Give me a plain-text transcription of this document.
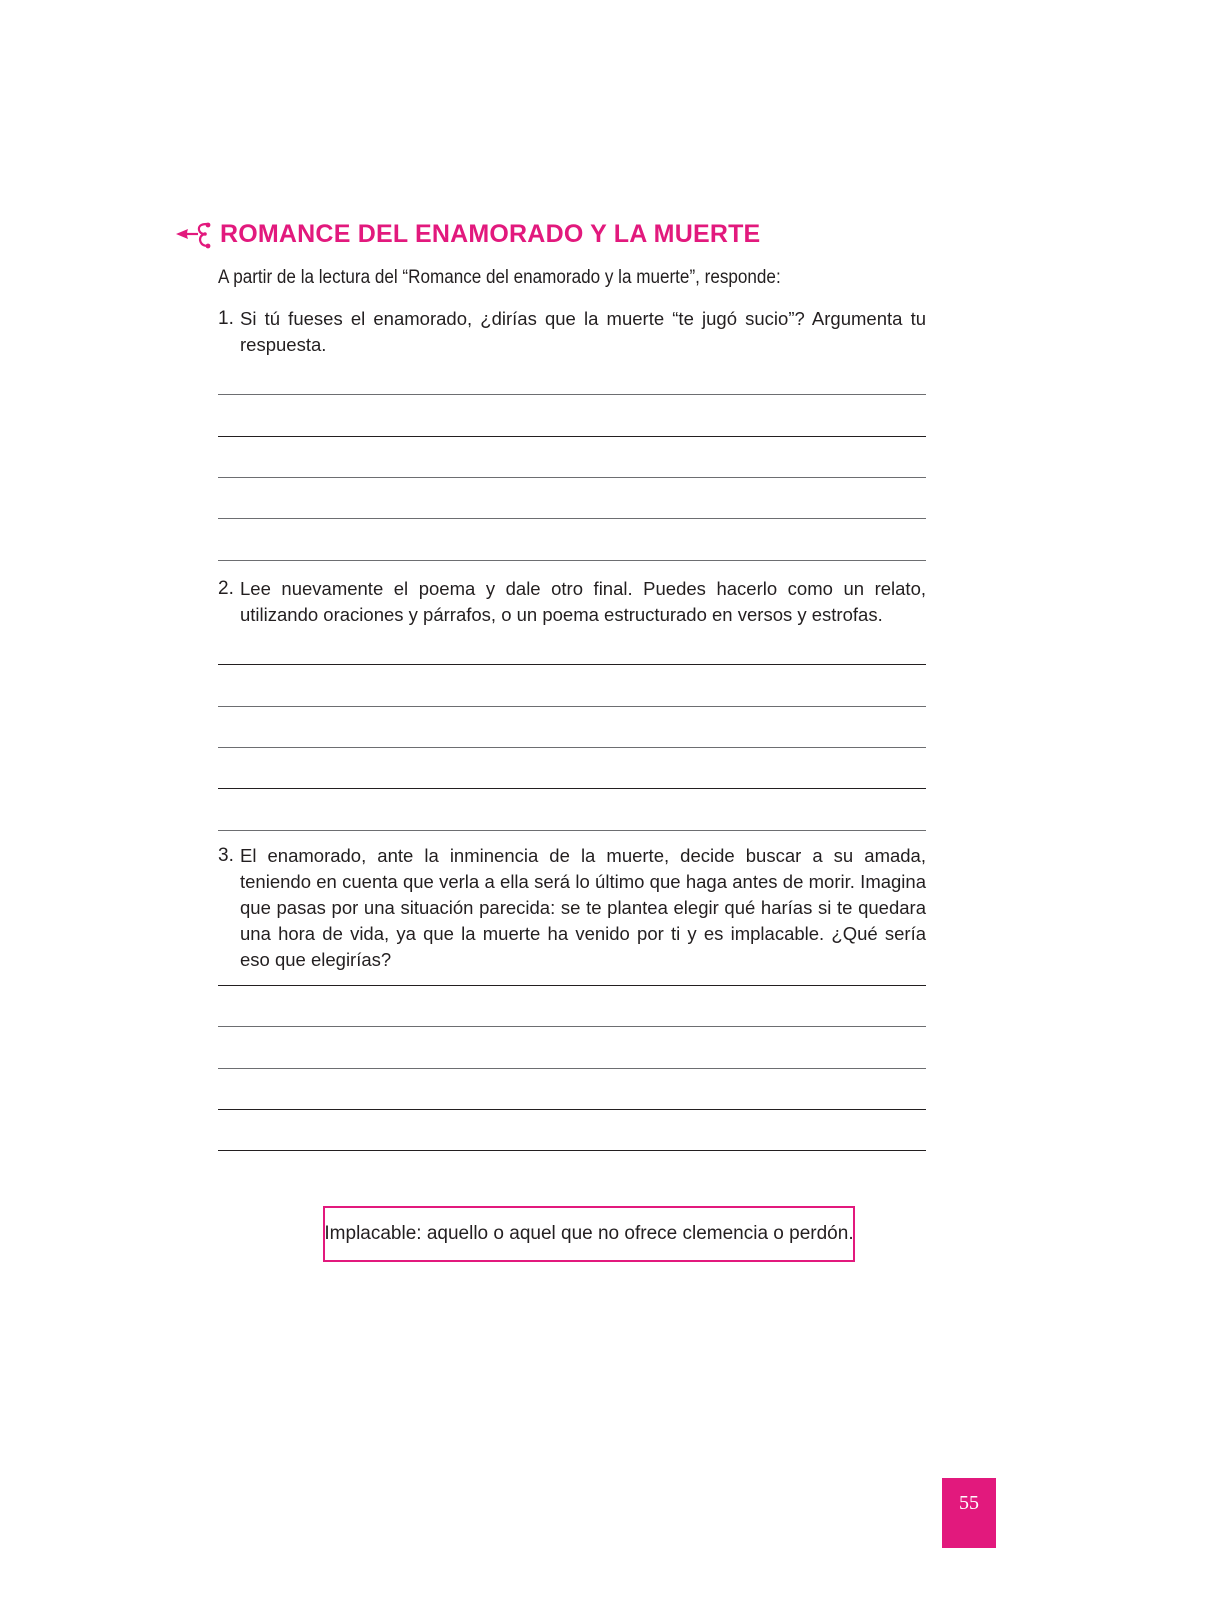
ROMANCE DEL ENAMORADO Y LA MUERTE
A partir de la lectura del “Romance del enamorado y la muerte”, responde:
1. Si tú fueses el enamorado, ¿dirías que la muerte “te jugó sucio”? Argumenta tu respuesta.
2. Lee nuevamente el poema y dale otro final. Puedes hacerlo como un relato, utilizando oraciones y párrafos, o un poema estructurado en versos y estrofas.
3. El enamorado, ante la inminencia de la muerte, decide buscar a su amada, teniendo en cuenta que verla a ella será lo último que haga antes de morir. Imagina que pasas por una situación parecida: se te plantea elegir qué harías si te quedara una hora de vida, ya que la muerte ha venido por ti y es implacable. ¿Qué sería eso que elegirías?
Implacable: aquello o aquel que no ofrece clemencia o perdón.
55
